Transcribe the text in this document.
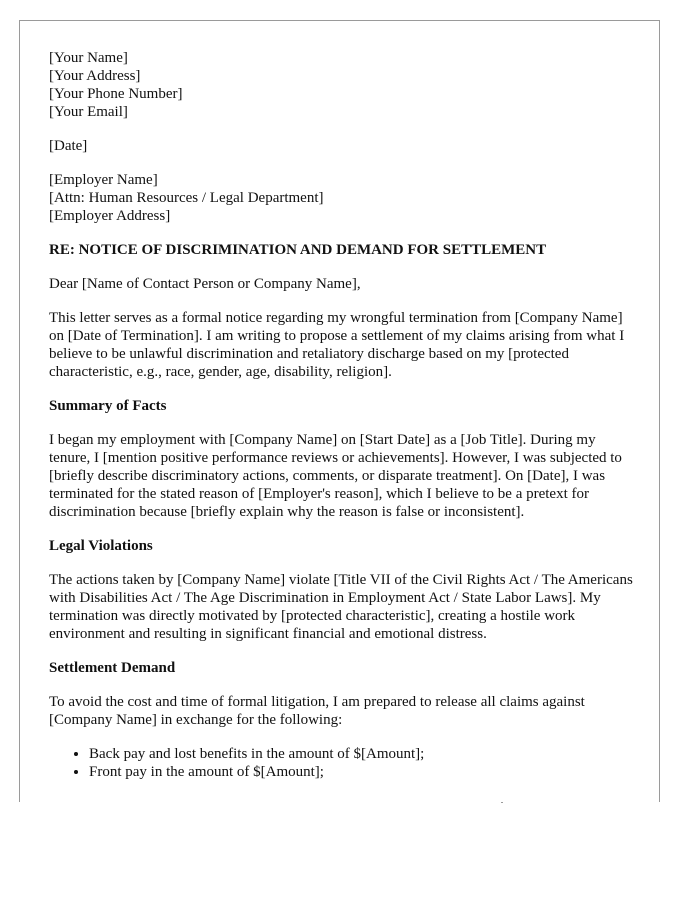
[Your Name]
[Your Address]
[Your Phone Number]
[Your Email]
[Date]
[Employer Name]
[Attn: Human Resources / Legal Department]
[Employer Address]

RE: NOTICE OF DISCRIMINATION AND DEMAND FOR SETTLEMENT

Dear [Name of Contact Person or Company Name],

This letter serves as a formal notice regarding my wrongful termination from [Company Name] on [Date of Termination]. I am writing to propose a settlement of my claims arising from what I believe to be unlawful discrimination and retaliatory discharge based on my [protected characteristic, e.g., race, gender, age, disability, religion].

Summary of Facts

I began my employment with [Company Name] on [Start Date] as a [Job Title]. During my tenure, I [mention positive performance reviews or achievements]. However, I was subjected to [briefly describe discriminatory actions, comments, or disparate treatment]. On [Date], I was terminated for the stated reason of [Employer's reason], which I believe to be a pretext for discrimination because [briefly explain why the reason is false or inconsistent].

Legal Violations

The actions taken by [Company Name] violate [Title VII of the Civil Rights Act / The Americans with Disabilities Act / The Age Discrimination in Employment Act / State Labor Laws]. My termination was directly motivated by [protected characteristic], creating a hostile work environment and resulting in significant financial and emotional distress.

Settlement Demand

To avoid the cost and time of formal litigation, I am prepared to release all claims against [Company Name] in exchange for the following:

• Back pay and lost benefits in the amount of $[Amount];
• Front pay in the amount of $[Amount];
